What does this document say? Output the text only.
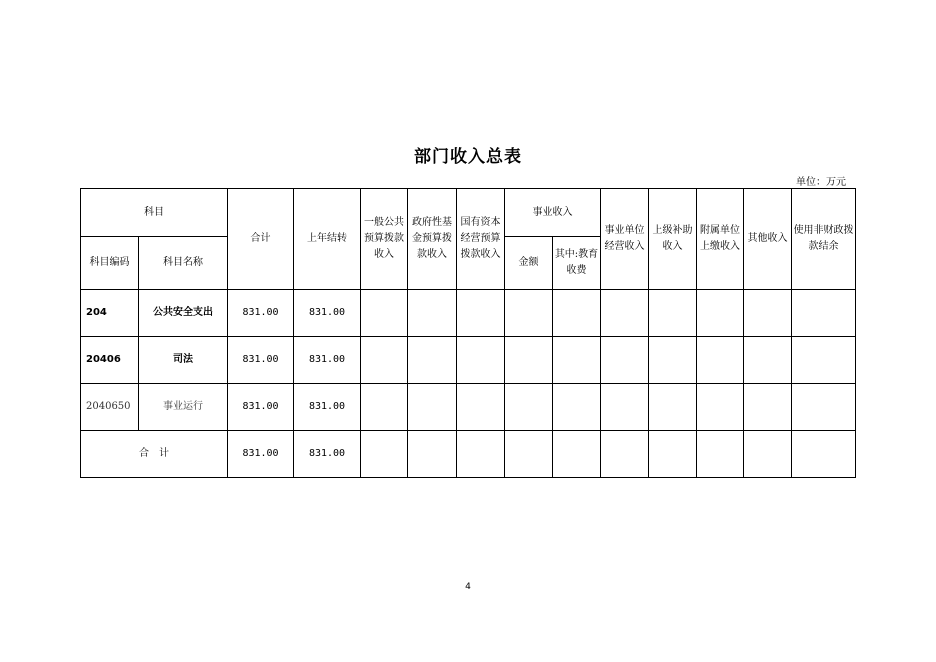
部门收入总表
单位：万元
科目		合计	上年结转	一般公共预算拨款收入	政府性基金预算拨款收入	国有资本经营预算拨款收入	事业收入		事业单位经营收入	上级补助收入	附属单位上缴收入	其他收入	使用非财政拨款结余
科目编码	科目名称						金额	其中:教育收费					
204	公共安全支出	831.00	831.00										
20406	司法	831.00	831.00										
2040650	事业运行	831.00	831.00										
合　计		831.00	831.00										
4
